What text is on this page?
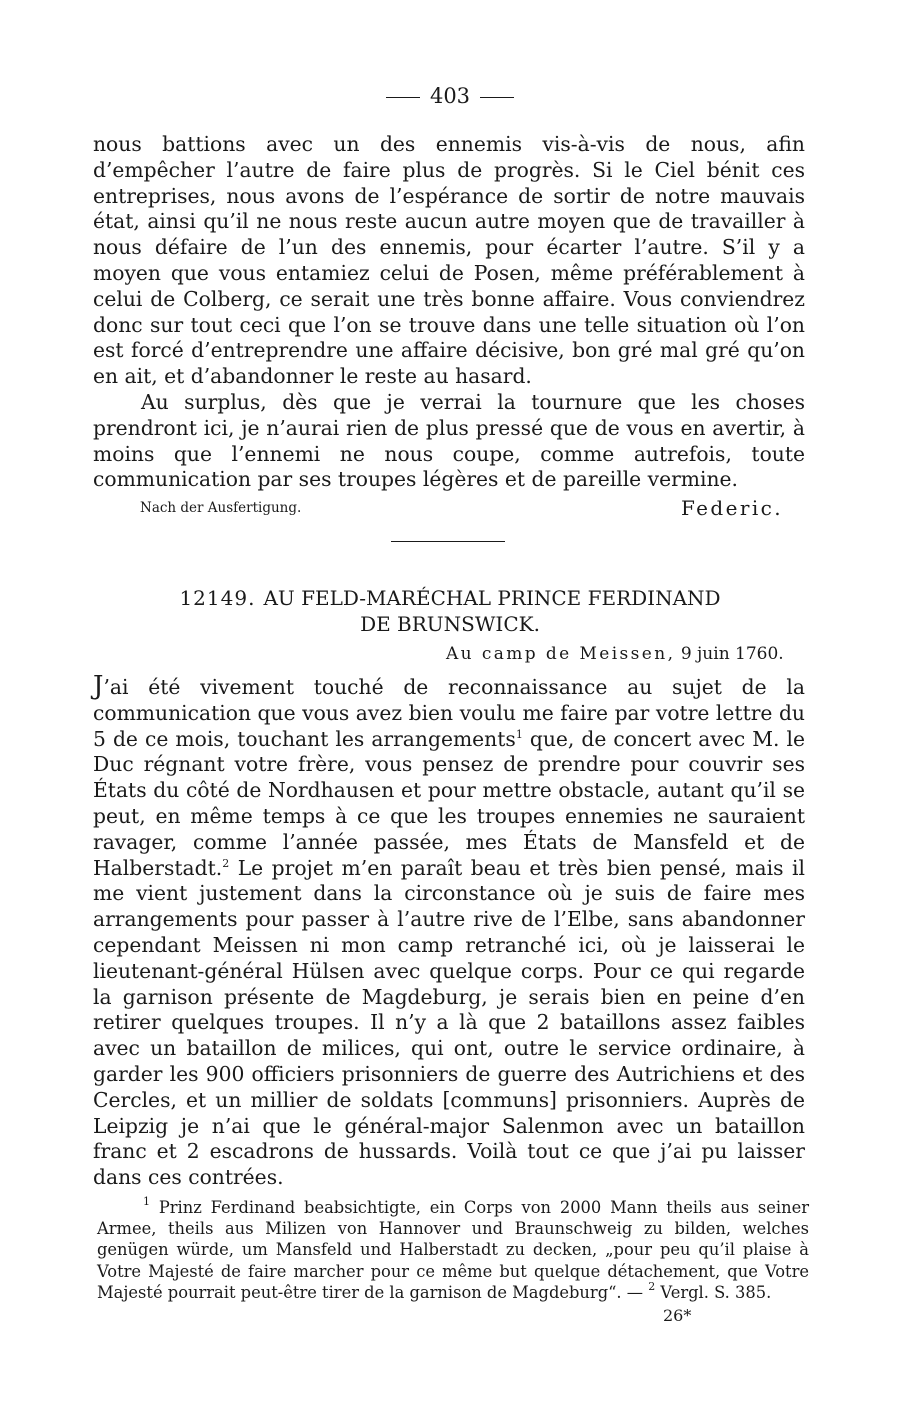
403

nous battions avec un des ennemis vis-à-vis de nous, afin d’empêcher l’autre de faire plus de progrès. Si le Ciel bénit ces entreprises, nous avons de l’espérance de sortir de notre mauvais état, ainsi qu’il ne nous reste aucun autre moyen que de travailler à nous défaire de l’un des ennemis, pour écarter l’autre. S’il y a moyen que vous entamiez celui de Posen, même préférablement à celui de Colberg, ce serait une très bonne affaire. Vous conviendrez donc sur tout ceci que l’on se trouve dans une telle situation où l’on est forcé d’entreprendre une affaire décisive, bon gré mal gré qu’on en ait, et d’abandonner le reste au hasard.

Au surplus, dès que je verrai la tournure que les choses prendront ici, je n’aurai rien de plus pressé que de vous en avertir, à moins que l’ennemi ne nous coupe, comme autrefois, toute communication par ses troupes légères et de pareille vermine.

Nach der Ausfertigung.	Federic.
12149. AU FELD-MARÉCHAL PRINCE FERDINAND
DE BRUNSWICK.
Au camp de Meissen, 9 juin 1760.

J’ai été vivement touché de reconnaissance au sujet de la communication que vous avez bien voulu me faire par votre lettre du 5 de ce mois, touchant les arrangements$^1$ que, de concert avec M. le Duc régnant votre frère, vous pensez de prendre pour couvrir ses États du côté de Nordhausen et pour mettre obstacle, autant qu’il se peut, en même temps à ce que les troupes ennemies ne sauraient ravager, comme l’année passée, mes États de Mansfeld et de Halberstadt.$^2$ Le projet m’en paraît beau et très bien pensé, mais il me vient justement dans la circonstance où je suis de faire mes arrangements pour passer à l’autre rive de l’Elbe, sans abandonner cependant Meissen ni mon camp retranché ici, où je laisserai le lieutenant-général Hülsen avec quelque corps. Pour ce qui regarde la garnison présente de Magdeburg, je serais bien en peine d’en retirer quelques troupes. Il n’y a là que 2 bataillons assez faibles avec un bataillon de milices, qui ont, outre le service ordinaire, à garder les 900 officiers prisonniers de guerre des Autrichiens et des Cercles, et un millier de soldats [communs] prisonniers. Auprès de Leipzig je n’ai que le général-major Salenmon avec un bataillon franc et 2 escadrons de hussards. Voilà tout ce que j’ai pu laisser dans ces contrées.

$^1$ Prinz Ferdinand beabsichtigte, ein Corps von 2000 Mann theils aus seiner Armee, theils aus Milizen von Hannover und Braunschweig zu bilden, welches genügen würde, um Mansfeld und Halberstadt zu decken, „pour peu qu’il plaise à Votre Majesté de faire marcher pour ce même but quelque détachement, que Votre Majesté pourrait peut-être tirer de la garnison de Magdeburg“. — $^2$ Vergl. S. 385.

26*
